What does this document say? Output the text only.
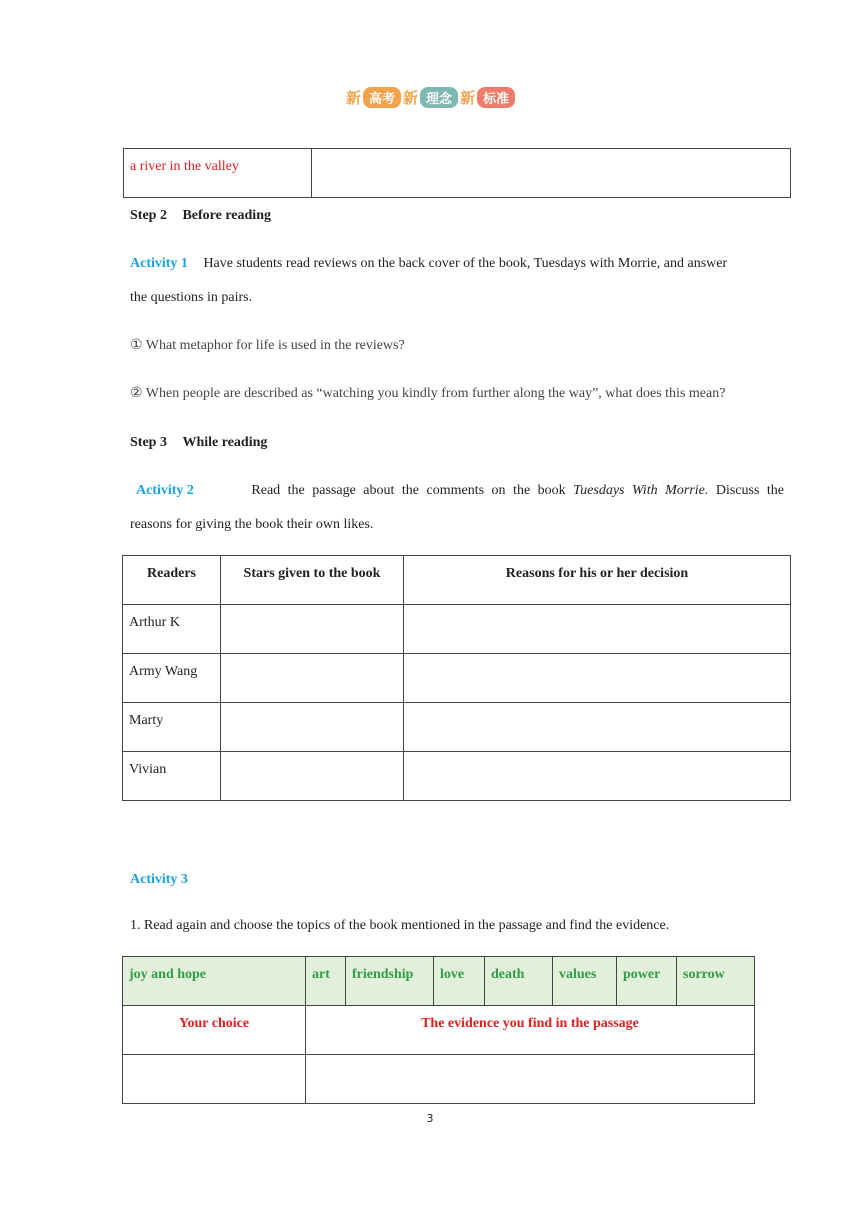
新 高考 新 理念 新 标准
a river in the valley	
Step 2 Before reading
Activity 1 Have students read reviews on the back cover of the book, Tuesdays with Morrie, and answer
the questions in pairs.
① What metaphor for life is used in the reviews?
② When people are described as “watching you kindly from further along the way”, what does this mean?
Step 3 While reading
Activity 2	Read the passage about the comments on the book Tuesdays With Morrie. Discuss the
reasons for giving the book their own likes.
Readers	Stars given to the book	Reasons for his or her decision
Arthur K		
Army Wang		
Marty		
Vivian		
Activity 3
1. Read again and choose the topics of the book mentioned in the passage and find the evidence.
joy and hope	art	friendship	love	death	values	power	sorrow
Your choice	The evidence you find in the passage						

3
